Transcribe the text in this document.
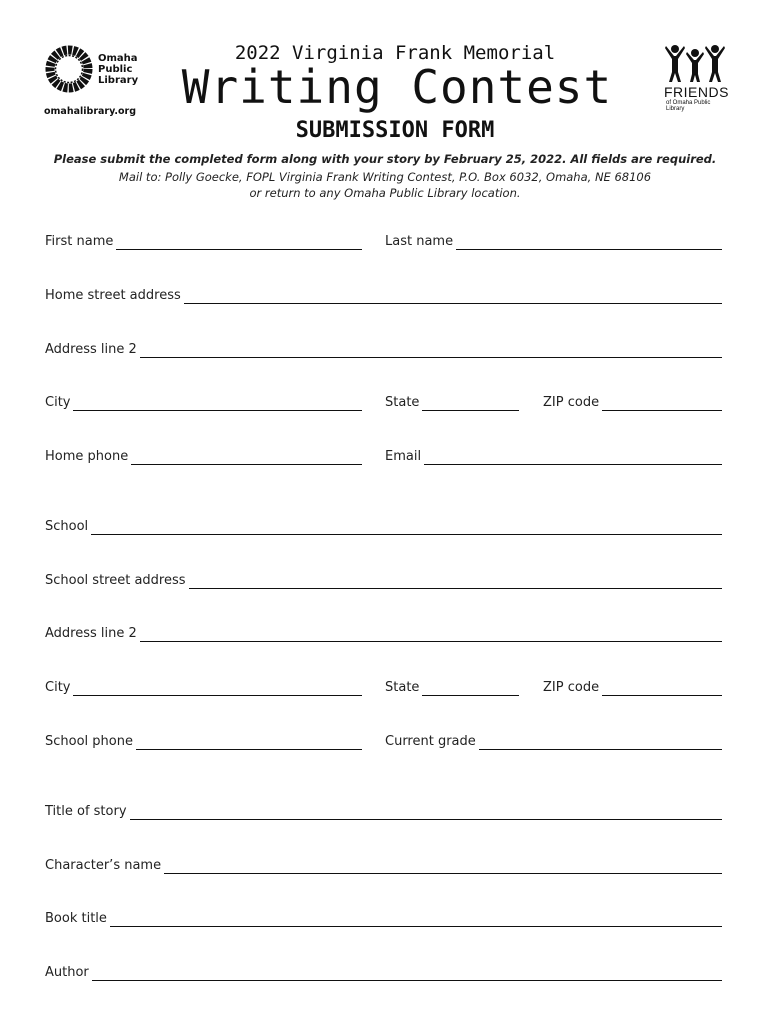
Omaha
Public
Library
omahalibrary.org
2022 Virginia Frank Memorial
Writing Contest
SUBMISSION FORM
FRIENDS
of Omaha Public Library
Please submit the completed form along with your story by February 25, 2022. All fields are required.
Mail to: Polly Goecke, FOPL Virginia Frank Writing Contest, P.O. Box 6032, Omaha, NE 68106
or return to any Omaha Public Library location.
First name	Last name
Home street address
Address line 2
City	State	ZIP code
Home phone	Email
School
School street address
Address line 2
City	State	ZIP code
School phone	Current grade
Title of story
Character’s name
Book title
Author
